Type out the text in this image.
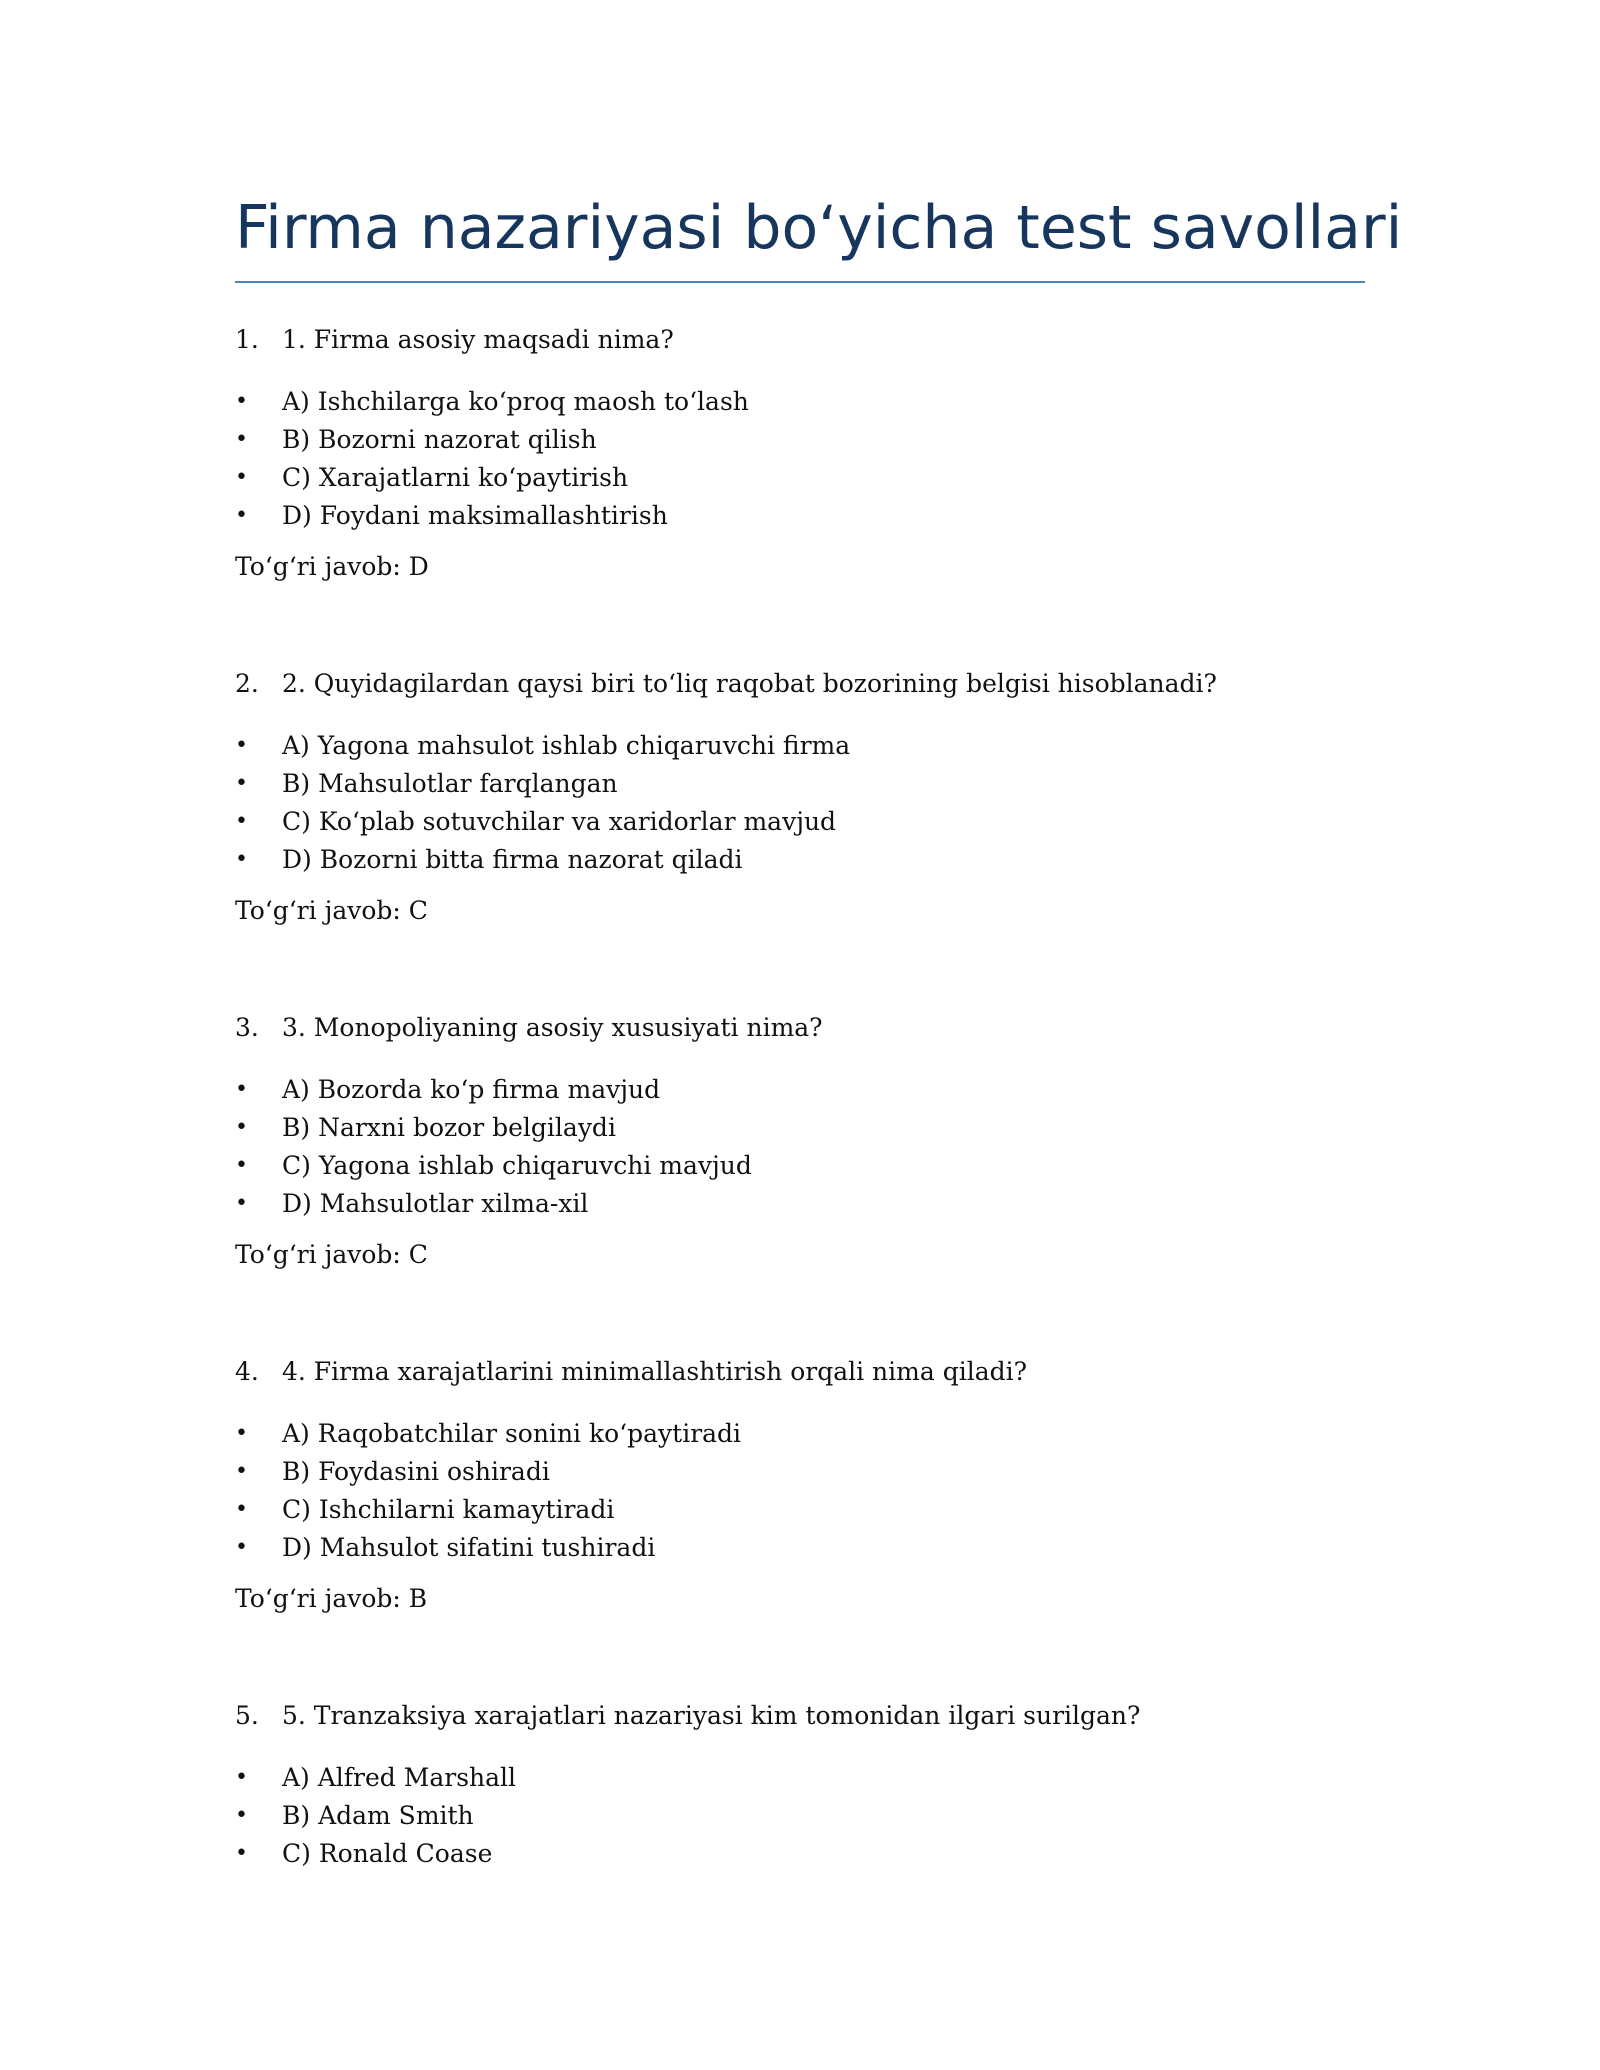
Firma nazariyasi bo‘yicha test savollari
1. 1. Firma asosiy maqsadi nima?
• A) Ishchilarga ko‘proq maosh to‘lash
• B) Bozorni nazorat qilish
• C) Xarajatlarni ko‘paytirish
• D) Foydani maksimallashtirish
To‘g‘ri javob: D
2. 2. Quyidagilardan qaysi biri to‘liq raqobat bozorining belgisi hisoblanadi?
• A) Yagona mahsulot ishlab chiqaruvchi firma
• B) Mahsulotlar farqlangan
• C) Ko‘plab sotuvchilar va xaridorlar mavjud
• D) Bozorni bitta firma nazorat qiladi
To‘g‘ri javob: C
3. 3. Monopoliyaning asosiy xususiyati nima?
• A) Bozorda ko‘p firma mavjud
• B) Narxni bozor belgilaydi
• C) Yagona ishlab chiqaruvchi mavjud
• D) Mahsulotlar xilma-xil
To‘g‘ri javob: C
4. 4. Firma xarajatlarini minimallashtirish orqali nima qiladi?
• A) Raqobatchilar sonini ko‘paytiradi
• B) Foydasini oshiradi
• C) Ishchilarni kamaytiradi
• D) Mahsulot sifatini tushiradi
To‘g‘ri javob: B
5. 5. Tranzaksiya xarajatlari nazariyasi kim tomonidan ilgari surilgan?
• A) Alfred Marshall
• B) Adam Smith
• C) Ronald Coase
